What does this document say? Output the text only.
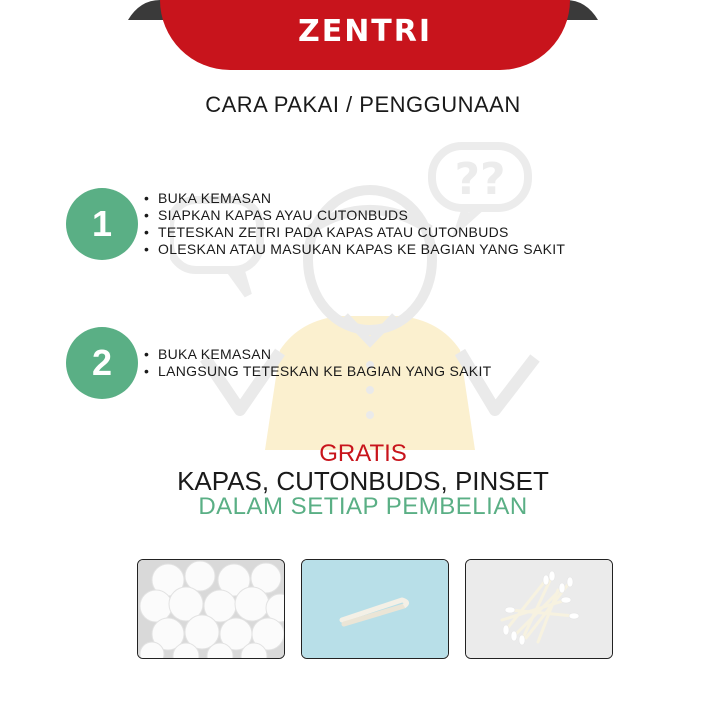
??
ZENTRI
CARA PAKAI / PENGGUNAAN
1
• BUKA KEMASAN
• SIAPKAN KAPAS AYAU CUTONBUDS
• TETESKAN ZETRI PADA KAPAS ATAU CUTONBUDS
• OLESKAN ATAU MASUKAN KAPAS KE BAGIAN YANG SAKIT
2
•	BUKA KEMASAN
• LANGSUNG TETESKAN KE BAGIAN YANG SAKIT
GRATIS
KAPAS, CUTONBUDS, PINSET
DALAM SETIAP PEMBELIAN
